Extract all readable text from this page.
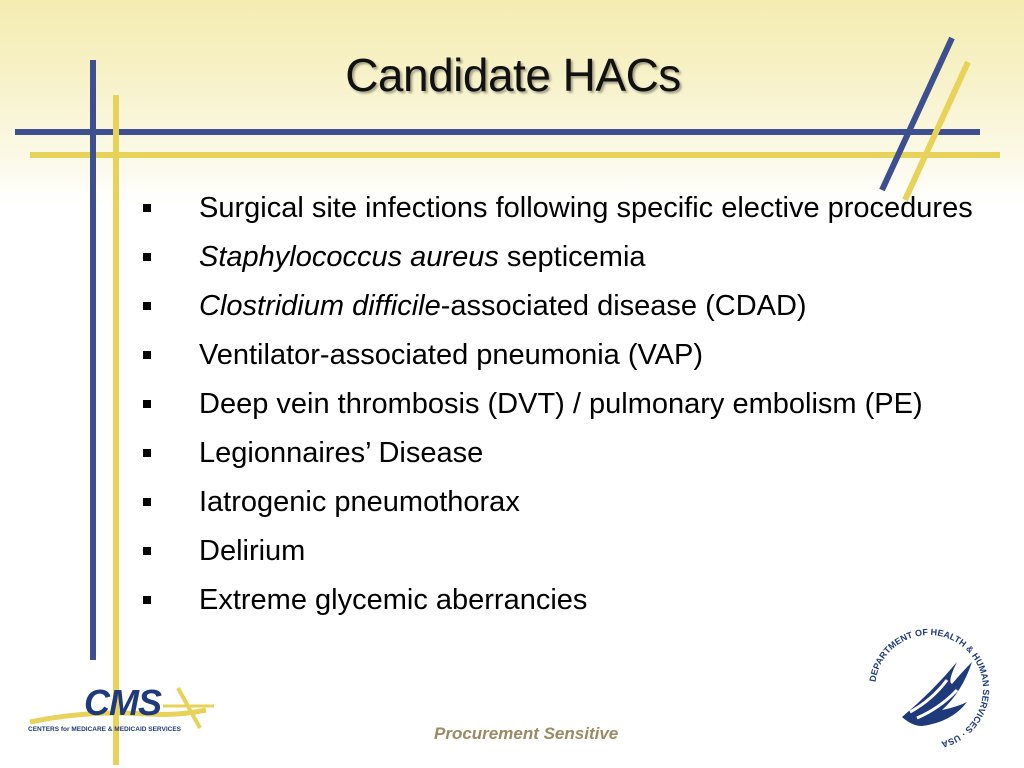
Candidate HACs
Surgical site infections following specific elective procedures
Staphylococcus aureus septicemia
Clostridium difficile-associated disease (CDAD)
Ventilator-associated pneumonia (VAP)
Deep vein thrombosis (DVT) / pulmonary embolism (PE)
Legionnaires’ Disease
Iatrogenic pneumothorax
Delirium
Extreme glycemic aberrancies
CMS
CENTERS for MEDICARE & MEDICAID SERVICES	Procurement Sensitive
DEPARTMENT OF HEALTH & HUMAN SERVICES · USA
